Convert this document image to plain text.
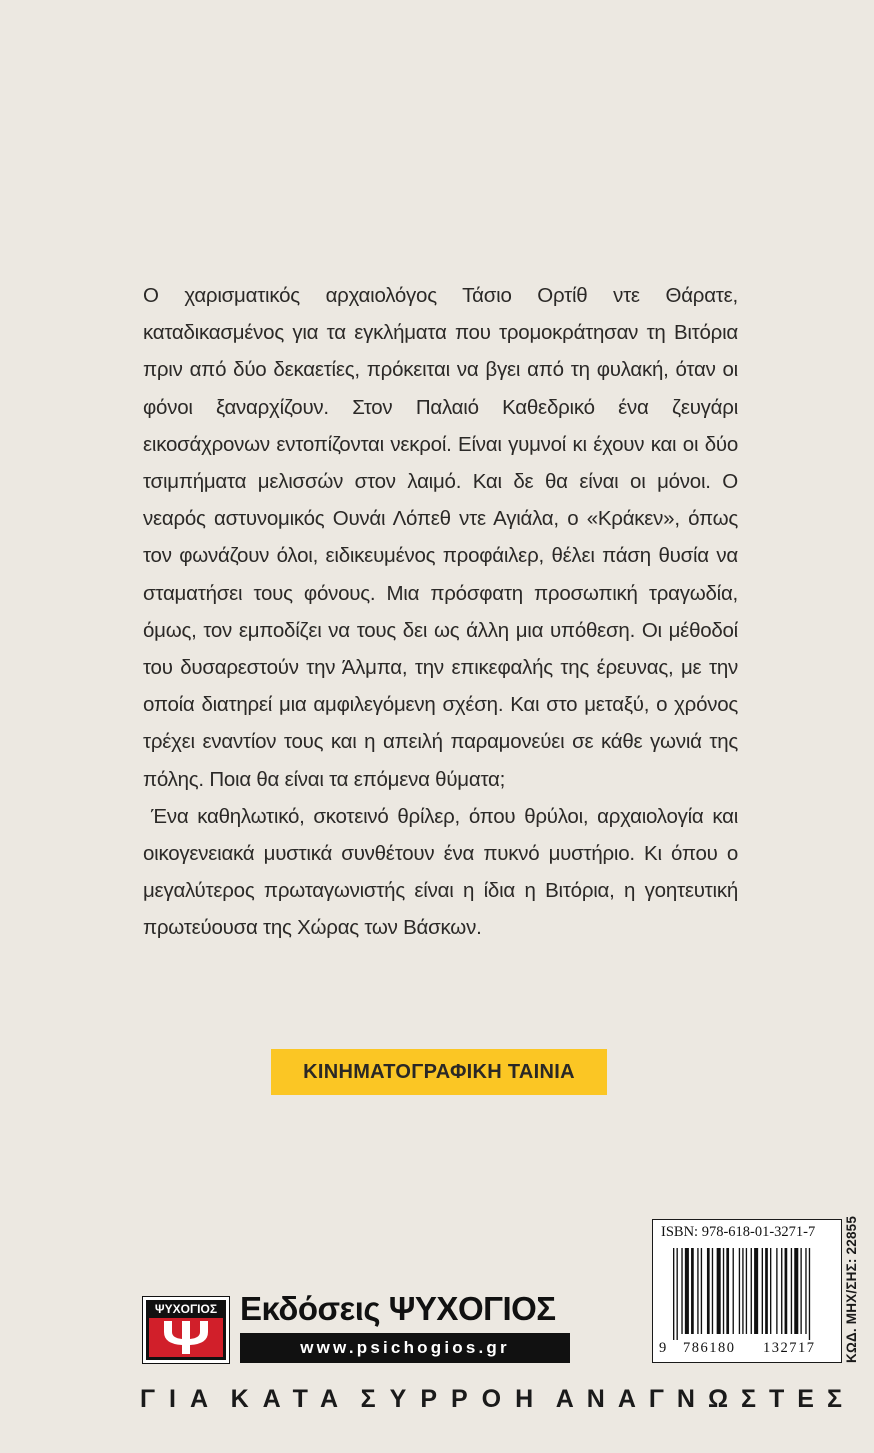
Ο χαρισματικός αρχαιολόγος Τάσιο Ορτίθ ντε Θάρατε, καταδικασμένος για τα εγκλήματα που τρομοκράτησαν τη Βιτόρια πριν από δύο δεκαετίες, πρόκειται να βγει από τη φυλακή, όταν οι φόνοι ξαναρχίζουν. Στον Παλαιό Καθεδρικό ένα ζευγάρι εικοσάχρονων εντοπίζονται νεκροί. Είναι γυμνοί κι έχουν και οι δύο τσιμπήματα μελισσών στον λαιμό. Και δε θα είναι οι μόνοι. Ο νεαρός αστυνομικός Ουνάι Λόπεθ ντε Αγιάλα, ο «Κράκεν», όπως τον φωνάζουν όλοι, ειδικευμένος προφάιλερ, θέλει πάση θυσία να σταματήσει τους φόνους. Μια πρόσφατη προσωπική τραγωδία, όμως, τον εμποδίζει να τους δει ως άλλη μια υπόθεση. Οι μέθοδοί του δυσαρεστούν την Άλμπα, την επικεφαλής της έρευνας, με την οποία διατηρεί μια αμφιλεγόμενη σχέση. Και στο μεταξύ, ο χρόνος τρέχει εναντίον τους και η απειλή παραμονεύει σε κάθε γωνιά της πόλης. Ποια θα είναι τα επόμενα θύματα;

Ένα καθηλωτικό, σκοτεινό θρίλερ, όπου θρύλοι, αρχαιολογία και οικογενειακά μυστικά συνθέτουν ένα πυκνό μυστήριο. Κι όπου ο μεγαλύτερος πρωταγωνιστής είναι η ίδια η Βιτόρια, η γοητευτική πρωτεύουσα της Χώρας των Βάσκων.

ΚΙΝΗΜΑΤΟΓΡΑΦΙΚΗ ΤΑΙΝΙΑ
ISBN: 978-618-01-3271-7
9 786180 132717 ΚΩΔ. ΜΗΧ/ΣΗΣ: 22855
ΨΥΧΟΓΙΟΣ Εκδόσεις ΨΥΧΟΓΙΟΣ
www.psichogios.gr
ΓΙΑ ΚΑΤΑ ΣΥΡΡΟΗ ΑΝΑΓΝΩΣΤΕΣ
